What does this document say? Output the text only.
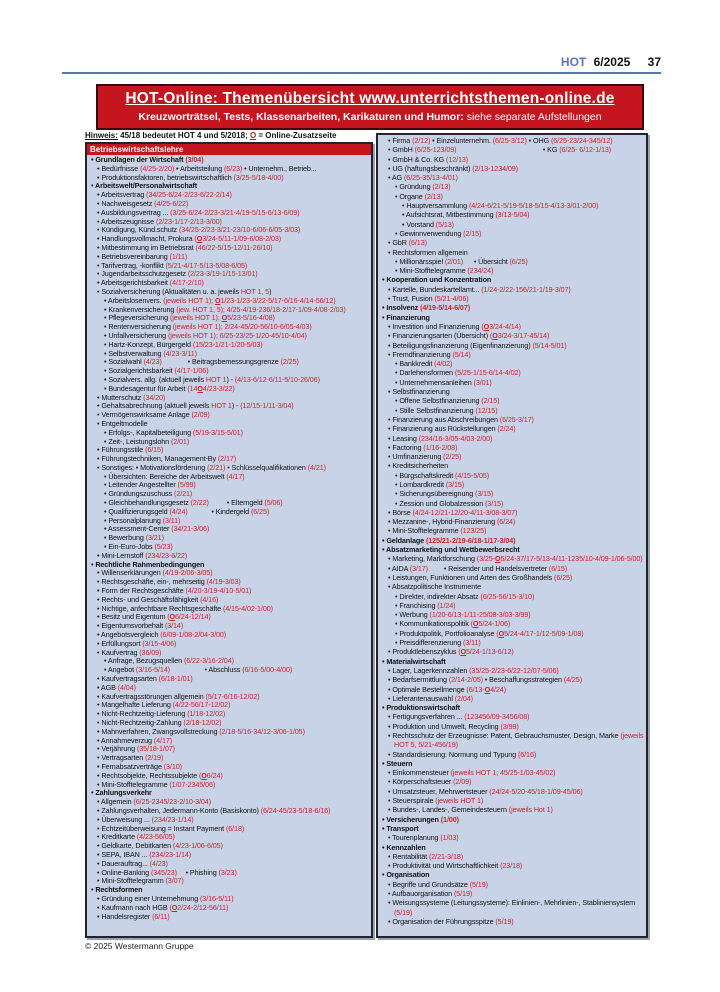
HOT 6/2025 37
HOT-Online: Themenübersicht www.unterrichtsthemen-online.de
Kreuzworträtsel, Tests, Klassenarbeiten, Karikaturen und Humor: siehe separate Aufstellungen
Hinweis: 45/18 bedeutet HOT 4 und 5/2018; O = Online-Zusatzseite
Betriebswirtschaftslehre
• Grundlagen der Wirtschaft (3/04)
• Bedürfnisse (4/25-2/20) • Arbeitsteilung (6/23) • Unternehm., Betrieb...
• Produktionsfaktoren, betriebswirtschaftlich (3/25-5/18-4/00)
• Arbeitswelt/Personalwirtschaft
• Arbeitsvertrag (34/25-6/24-2/23-6/22-2/14)
• Nachweisgesetz (4/25-6/22)
• Ausbildungsvertrag ... (3/25-6/24-2/23-3/21-4/19-5/15-6/13-6/09)
• Arbeitszeugnisse (2/23-1/17-2/13-3/00)
• Kündigung, Künd.schutz (34/25-2/23-3/21-23/10-6/06-6/05-3/03)
• Handlungsvollmacht, Prokura (O3/24-5/11-1/09-6/08-2/03)
• Mitbestimmung im Betriebsrat (46/22-5/15-12/11-26/10)
• Betriebsvereinbarung (1/11)
• Tarifvertrag, -konflikt (5/21-4/17-5/13-5/08-6/05)
• Jugendarbeitsschutzgesetz (2/23-3/19-1/15-13/01)
• Arbeitsgerichtsbarkeit (4/17-2/10)
• Sozialversicherung (Aktualitäten u. a. jeweils HOT 1, 5)
• Arbeitslosenvers. (jeweils HOT 1); O1/23-1/23-3/22-5/17-6/16-4/14-56/12)
• Krankenversicherung (jew. HOT 1, 5); 4/25-4/19-236/18-2/17-1/09-4/08-2/03)
• Pflegeversicherung (jeweils HOT 1); O5/23-5/16-4/08)
• Rentenversicherung (jeweils HOT 1); 2/24-45/20-56/10-6/05-4/03)
• Unfallversicherung (jeweils HOT 1); 6/25-23/25-1/20-45/10-4/04)
• Hartz-Konzept, Bürgergeld (15/23-1/21-1/20-5/03)
• Selbstverwaltung (4/23-3/11)
• Sozialwahl (4/23)	• Beitragsbemessungsgrenze (2/25)
• Sozialgerichtsbarkeit (4/17-1/06)
• Sozialvers. allg. (aktuell jeweils HOT 1) - (4/13-6/12-6/11-5/10-26/06)
• Bundesagentur für Arbeit (14O4/23-3/22)
• Mutterschutz (34/20)
• Gehaltsabrechnung (aktuell jeweils HOT 1) - (12/15-1/11-3/04)
• Vermögenswirksame Anlage (2/09)
• Entgeltmodelle
• Erfolgs-, Kapitalbeteiligung (5/19-3/15-5/01)
• Zeit-, Leistungslohn (2/01)
• Führungsstile (6/15)
• Führungstechniken, Management-By (2/17)
• Sonstiges: • Motivationsförderung (2/21) • Schlüsselqualifikationen (4/21)
• Übersichten: Bereiche der Arbeitswelt (4/17)
• Leitender Angestellter (5/99)
• Gründungszuschuss (2/21)
• Gleichbehandlungsgesetz (2/22)	• Elterngeld (5/06)
• Qualifizierungsgeld (4/24)	• Kindergeld (6/25)
• Personalplanung (3/11)
• Assessment-Center (34/21-3/06)
• Bewerbung (3/21)
• Ein-Euro-Jobs (5/23)
• Mini-Lernstoff (234/23-6/22)
• Rechtliche Rahmenbedingungen
• Willenserklärungen (4/19-2/06-3/05)
• Rechtsgeschäfte, ein-, mehrseitig (4/19-3/03)
• Form der Rechtsgeschäfte (4/20-3/19-4/10-5/01)
• Rechts- und Geschäftsfähigkeit (4/16)
• Nichtige, anfechtbare Rechtsgeschäfte (4/15-4/02-1/00)
• Besitz und Eigentum (O6/24-12/14)
• Eigentumsvorbehalt (3/14)
• Angebotsvergleich (6/09-1/08-2/04-3/00)
• Erfüllungsort (3/15-4/06)
• Kaufvertrag (36/09)
• Anfrage, Bezugsquellen (6/22-3/16-2/04)
• Angebot (3/16-5/14)	• Abschluss (6/16-5/00-4/00)
• Kaufvertragsarten (6/18-1/01)
• AGB (4/04)
• Kaufvertragsstörungen allgemein (5/17-6/16-12/02)
• Mangelhafte Lieferung (4/22-56/17-12/02)
• Nicht-Rechtzeitig-Lieferung (1/18-12/02)
• Nicht-Rechtzeitig-Zahlung (2/18-12/02)
• Mahnverfahren, Zwangsvollstreckung (2/18-5/16-34/12-3/06-1/05)
• Annahmeverzug (4/17)
• Verjährung (35/18-1/07)
• Vertragsarten (2/19)
• Fernabsatzverträge (3/10)
• Rechtsobjekte, Rechtssubjekte (O6/24)
• Mini-Stofftelegramme (1/07-2345/06)
• Zahlungsverkehr
• Allgemein (6/25-2345/23-2/10-3/04)
• Zahlungsverhalten, Jedermann-Konto (Basiskonto) (6/24-45/23-5/18-6/16)
• Überweisung ... (234/23-1/14)
• Echtzeitüberweisung = Instant Payment (6/18)
• Kreditkarte (4/23-56/05)
• Geldkarte, Debitkarten (4/23-1/06-6/05)
• SEPA, IBAN ... (234/23-1/14)
• Dauerauftrag... (4/23)
• Online-Banking (345/23) • Phishing (3/23)
• Mini-Stofftelegramm (3/07)
• Rechtsformen
• Gründung einer Unternehmung (3/16-5/11)
• Kaufmann nach HGB (O2/24-2/12-56/11)
• Handelsregister (6/11)
• Firma (2/12) • Einzelunternehm. (6/25-3/12) • OHG (6/25-23/24-345/12)
• GmbH (6/25-123/09)	• KG (6/25- 6/12-1/13)
• GmbH & Co. KG (12/13)
• UG (haftungsbeschränkt) (2/13-1234/09)
• AG (6/25-35/13-4/01)
• Gründung (2/13)
• Organe (2/13)
• Hauptversammlung (4/24-6/21-5/19-5/18-5/15-4/13-3/01-2/00)
• Aufsichtsrat, Mitbestimmung (3/13-5/04)
• Vorstand (5/13)
• Gewinnverwendung (2/15)
• GbR (6/13)
• Rechtsformen allgemein
• Millionärsspiel (2/01) • Übersicht (6/25)
• Mini-Stofftelegramme (234/24)
• Kooperation und Konzentration
• Kartelle, Bundeskartellamt... (1/24-2/22-156/21-1/19-3/07)
• Trust, Fusion (5/21-4/06)
• Insolvenz (4/19-5/14-6/07)
• Finanzierung
• Investition und Finanzierung (O3/24-4/14)
• Finanzierungsarten (Übersicht) (O3/24-3/17-45/14)
• Beteiligungsfinanzierung (Eigenfinanzierung) (5/14-5/01)
• Fremdfinanzierung (5/14)
• Bankkredit (4/02)
• Darlehensformen (5/25-1/15-6/14-4/02)
• Unternehmensanleihen (3/01)
• Selbstfinanzierung
• Offene Selbstfinanzierung (2/15)
• Stille Selbstfinanzierung (12/15)
• Finanzierung aus Abschreibungen (6/25-3/17)
• Finanzierung aus Rückstellungen (2/24)
• Leasing (234/16-3/05-4/03-2/00)
• Factoring (1/16-2/08)
• Umfinanzierung (2/25)
• Kreditsicherheiten
• Bürgschaftskredit (4/15-5/05)
• Lombardkredit (3/15)
• Sicherungsübereignung (3/15)
• Zession und Globalzession (3/15)
• Börse (4/24-12/21-12/20-4/11-3/08-3/07)
• Mezzanine-, Hybrid-Finanzierung (6/24)
• Mini-Stofftelegramme (123/25)
• Geldanlage (125/21-2/19-6/18-1/17-3/04)
• Absatzmarketing und Wettbewerbsrecht
• Marketing, Marktforschung (3/25-O5/24-37/17-5/13-4/11-1235/10-4/09-1/06-5/00)
• AIDA (3/17) • Reisender und Handelsvertreter (6/15)
• Leistungen, Funktionen und Arten des Großhandels (6/25)
• Absatzpolitische Instrumente
• Direkter, indirekter Absatz (6/25-56/15-3/10)
• Franchising (1/24)
• Werbung (1/20-6/13-1/11-25/08-3/03-3/99)
• Kommunikationspolitik (O5/24-1/06)
• Produktpolitik, Portfolioanalyse (O5/24-4/17-1/12-5/09-1/08)
• Preisdifferenzierung (3/11)
• Produktlebenszyklus (O5/24-1/13-6/12)
• Materialwirtschaft
• Lager, Lagerkennzahlen (35/25-2/23-6/22-12/07-5/06)
• Bedarfsermittlung (2/14-2/05) • Beschaffungsstrategien (4/25)
• Optimale Bestellmenge (6/13-O4/24)
• Lieferantenauswahl (2/04)
• Produktionswirtschaft
• Fertigungsverfahren ... (123456/09-3456/08)
• Produktion und Umwelt, Recycling (3/99)
• Rechtsschutz der Erzeugnisse: Patent, Gebrauchsmuster, Design, Marke (jeweils HOT 5, 5/21-456/19)
• Standardisierung: Normung und Typung (6/16)
• Steuern
• Einkommensteuer (jeweils HOT 1; 45/25-1/03-45/02)
• Körperschaftsteuer (2/09)
• Umsatzsteuer, Mehrwertsteuer (24/24-5/20-45/18-1/09-45/06)
• Steuerspirale (jeweils HOT 1)
• Bundes-, Landes-, Gemeindesteuern (jeweils Hot 1)
• Versicherungen (1/00)
• Transport
• Tourenplanung (1/03)
• Kennzahlen
• Rentabilität (2/21-3/18)
• Produktivität und Wirtschaftlichkeit (23/18)
• Organisation
• Begriffe und Grundsätze (5/19)
• Aufbauorganisation (5/19)
• Weisungssysteme (Leitungssysteme): Einlinien-, Mehrlinien-, Stabliniensystem (5/19)
• Organisation der Führungsspitze (5/19)
© 2025 Westermann Gruppe
